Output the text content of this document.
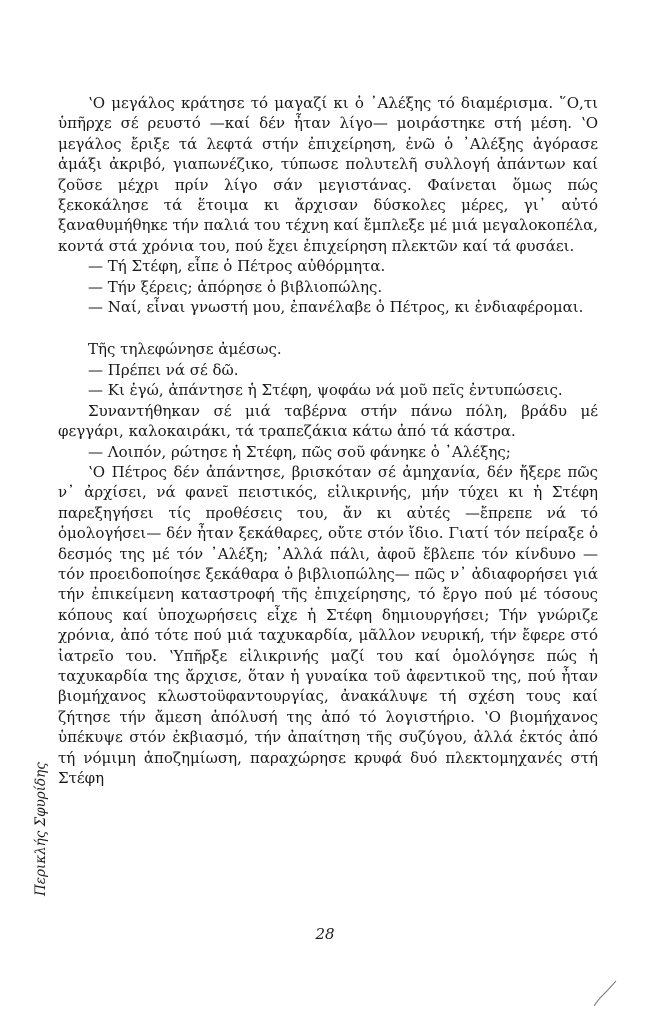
ʽΟ μεγάλος κράτησε τό μαγαζί κι ὁ ᾿Αλέξης τό διαμέρισμα. ῞Ο,τι ὑπῆρχε σέ ρευστό —καί δέν ἦταν λίγο— μοιράστηκε στή μέση. ʽΟ μεγάλος ἔριξε τά λεφτά στήν ἐπιχείρηση, ἐνῶ ὁ ᾿Αλέξης ἀγόρασε ἁμάξι ἀκριβό, γιαπωνέζικο, τύπωσε πολυτελῆ συλλογή ἁπάντων καί ζοῦσε μέχρι πρίν λίγο σάν μεγιστάνας. Φαίνεται ὅμως πώς ξεκοκάλησε τά ἕτοιμα κι ἄρχισαν δύσκολες μέρες, γι᾿ αὐτό ξαναθυμήθηκε τήν παλιά του τέχνη καί ἔμπλεξε μέ μιά μεγαλοκοπέλα, κοντά στά χρόνια του, πού ἔχει ἐπιχείρηση πλεκτῶν καί τά φυσάει.

— Τή Στέφη, εἶπε ὁ Πέτρος αὐθόρμητα.

— Τήν ξέρεις; ἀπόρησε ὁ βιβλιοπώλης.

— Ναί, εἶναι γνωστή μου, ἐπανέλαβε ὁ Πέτρος, κι ἐνδιαφέρομαι.

Τῆς τηλεφώνησε ἀμέσως.

— Πρέπει νά σέ δῶ.

— Κι ἐγώ, ἀπάντησε ἡ Στέφη, ψοφάω νά μοῦ πεῖς ἐντυπώσεις.

Συναντήθηκαν σέ μιά ταβέρνα στήν πάνω πόλη, βράδυ μέ φεγγάρι, καλοκαιράκι, τά τραπεζάκια κάτω ἀπό τά κάστρα.

— Λοιπόν, ρώτησε ἡ Στέφη, πῶς σοῦ φάνηκε ὁ ᾿Αλέξης;

ʽΟ Πέτρος δέν ἀπάντησε, βρισκόταν σέ ἀμηχανία, δέν ἤξερε πῶς ν᾿ ἀρχίσει, νά φανεῖ πειστικός, εἰλικρινής, μήν τύχει κι ἡ Στέφη παρεξηγήσει τίς προθέσεις του, ἄν κι αὐτές —ἔπρεπε νά τό ὁμολογήσει— δέν ἦταν ξεκάθαρες, οὔτε στόν ἴδιο. Γιατί τόν πείραξε ὁ δεσμός της μέ τόν ᾿Αλέξη; ᾿Αλλά πάλι, ἀφοῦ ἔβλεπε τόν κίνδυνο —τόν προειδοποίησε ξεκάθαρα ὁ βιβλιοπώλης— πῶς ν᾿ ἀδιαφορήσει γιά τήν ἐπικείμενη καταστροφή τῆς ἐπιχείρησης, τό ἔργο πού μέ τόσους κόπους καί ὑποχωρήσεις εἶχε ἡ Στέφη δημιουργήσει; Τήν γνώριζε χρόνια, ἀπό τότε πού μιά ταχυκαρδία, μᾶλλον νευρική, τήν ἔφερε στό ἰατρεῖο του. ʽΥπῆρξε εἰλικρινής μαζί του καί ὁμολόγησε πώς ἡ ταχυκαρδία της ἄρχισε, ὅταν ἡ γυναίκα τοῦ ἀφεντικοῦ της, πού ἦταν βιομήχανος κλωστοϋφαντουργίας, ἀνακάλυψε τή σχέση τους καί ζήτησε τήν ἄμεση ἀπόλυσή της ἀπό τό λογιστήριο. ʽΟ βιομήχανος ὑπέκυψε στόν ἐκβιασμό, τήν ἀπαίτηση τῆς συζύγου, ἀλλά ἐκτός ἀπό τή νόμιμη ἀποζημίωση, παραχώρησε κρυφά δυό πλεκτομηχανές στή Στέφη

Περικλής Σφυρίδης
28
